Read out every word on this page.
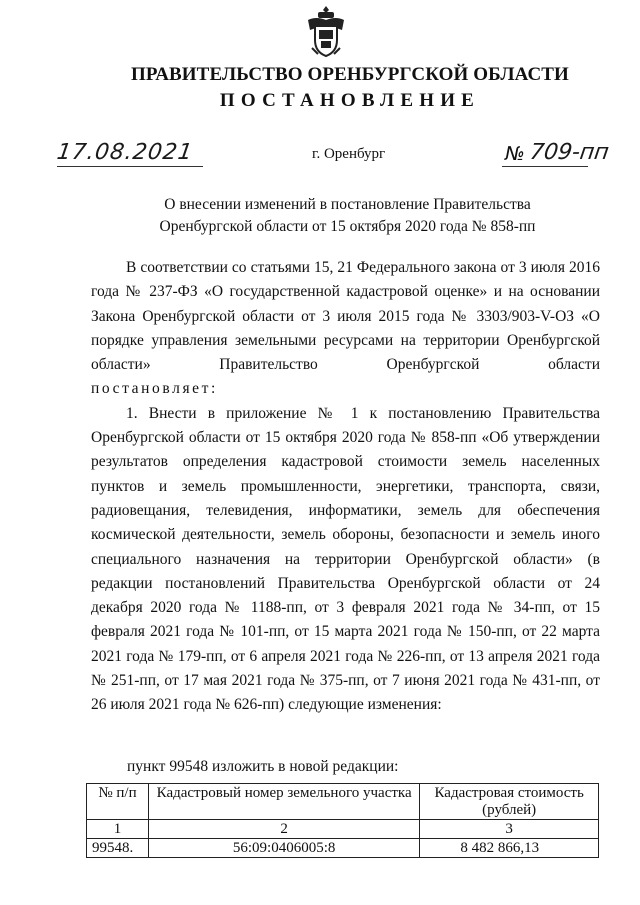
ПРАВИТЕЛЬСТВО ОРЕНБУРГСКОЙ ОБЛАСТИ
ПОСТАНОВЛЕНИЕ
17.08.2021	г. Оренбург	№ 709-пп
О внесении изменений в постановление Правительства
Оренбургской области от 15 октября 2020 года № 858-пп

В соответствии со статьями 15, 21 Федерального закона от 3 июля 2016 года № 237-ФЗ «О государственной кадастровой оценке» и на основании Закона Оренбургской области от 3 июля 2015 года № 3303/903-V-ОЗ «О порядке управления земельными ресурсами на территории Оренбургской области» Правительство Оренбургской области

постановляет:

1. Внести в приложение № 1 к постановлению Правительства Оренбургской области от 15 октября 2020 года № 858-пп «Об утверждении результатов определения кадастровой стоимости земель населенных пунктов и земель промышленности, энергетики, транспорта, связи, радиовещания, телевидения, информатики, земель для обеспечения космической деятельности, земель обороны, безопасности и земель иного специального назначения на территории Оренбургской области» (в редакции постановлений Правительства Оренбургской области от 24 декабря 2020 года № 1188-пп, от 3 февраля 2021 года № 34-пп, от 15 февраля 2021 года № 101-пп, от 15 марта 2021 года № 150-пп, от 22 марта 2021 года № 179-пп, от 6 апреля 2021 года № 226-пп, от 13 апреля 2021 года № 251-пп, от 17 мая 2021 года № 375-пп, от 7 июня 2021 года № 431-пп, от 26 июля 2021 года № 626-пп) следующие изменения:

пункт 99548 изложить в новой редакции:
№ п/п	Кадастровый номер земельного участка	Кадастровая стоимость (рублей)
1	2	3
99548.	56:09:0406005:8	8 482 866,13
